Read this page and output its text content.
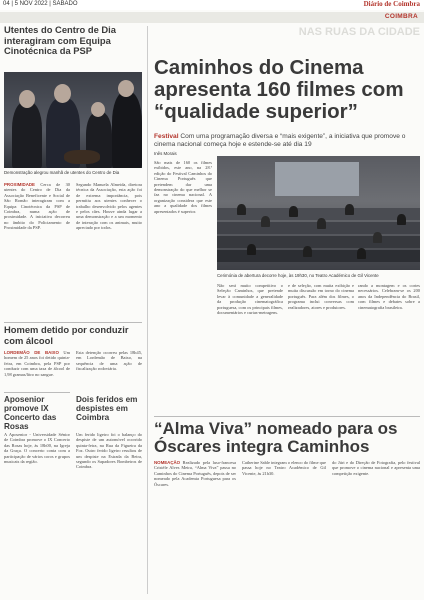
04 | 5 NOV 2022 | SÁBADO	Diário de Coimbra
COIMBRA
Utentes do Centro de Dia interagiram com Equipa Cinotécnica da PSP
Demonstração alegrou manhã de utentes do Centro de Dia
PROXIMIDADE Cerca de 30 utentes do Centro de Dia da Associação Beneficente e Social de São Romão interagiram com a Equipa Cinotécnica da PSP de Coimbra, numa ação de proximidade. A iniciativa decorreu no âmbito do Policiamento de Proximidade da PSP.
Segundo Manuela Almeida, diretora técnica da Associação, esta ação foi de extrema importância, pois permitiu aos utentes conhecer o trabalho desenvolvido pelos agentes e pelos cães. Houve ainda lugar a uma demonstração e a um momento de interação com os animais, muito apreciado por todos.
Homem detido por conduzir com álcool
LORDEMÃO DE BAIXO Um homem de 25 anos foi detido quinta-feira, em Coimbra, pela PSP por conduzir com uma taxa de álcool de 1,98 gramas/litro no sangue.
Esta detenção ocorreu pelas 18h45, em Lordemão de Baixo, na sequência de uma ação de fiscalização rodoviária.
Aposenior promove IX Concerto das Rosas
A Aposenior - Universidade Sénior de Coimbra promove o IX Concerto das Rosas hoje, às 18h00, na Igreja da Graça. O concerto conta com a participação de vários coros e grupos musicais da região.
Dois feridos em despistes em Coimbra
Um ferido ligeiro foi o balanço do despiste de um automóvel ocorrido quinta-feira, na Rua da Figueira da Foz. Outro ferido ligeiro resultou de um despiste na Estrada da Beira, segundo os Sapadores Bombeiros de Coimbra.
NAS RUAS DA CIDADE
Caminhos do Cinema apresenta 160 filmes com “qualidade superior”
Festival Com uma programação diversa e “mais exigente”, a iniciativa que promove o cinema nacional começa hoje e estende-se até dia 19
Inês Morais
São mais de 160 os filmes exibidos, este ano, na 28.ª edição do Festival Caminhos do Cinema Português que pretendem dar uma demonstração do que melhor se faz no cinema nacional. A organização considera que este ano a qualidade dos filmes apresentados é superior.
Cerimónia de abertura decorre hoje, às 19h30, no Teatro Académico de Gil Vicente
Não será muito competitivo o Seleção Caminhos, que pretende levar à comunidade a generalidade da produção cinematográfica portuguesa, com os principais filmes, documentários e curtas-metragens.
e de seleção, com muita exibição e muita discussão em torno do cinema português. Para além dos filmes, o programa inclui conversas com realizadores, atores e produtores.
rando a montagem e os cortes necessários. Celebram-se os 200 anos da Independência do Brasil, com filmes e debates sobre a cinematografia brasileira.
“Alma Viva” nomeado para os Óscares integra Caminhos
NOMEAÇÃO Realizado pela luso-francesa Cristèle Alves Meira, “Alma Viva” passa no Caminhos do Cinema Português, depois de ser nomeado pela Academia Portuguesa para os Óscares.
Catherine Sable integram o elenco do filme que passa hoje no Teatro Académico de Gil Vicente, às 21h30.
do Júri e do Direção de Fotografia, pelo festival que promove o cinema nacional e apresenta uma competição exigente.
